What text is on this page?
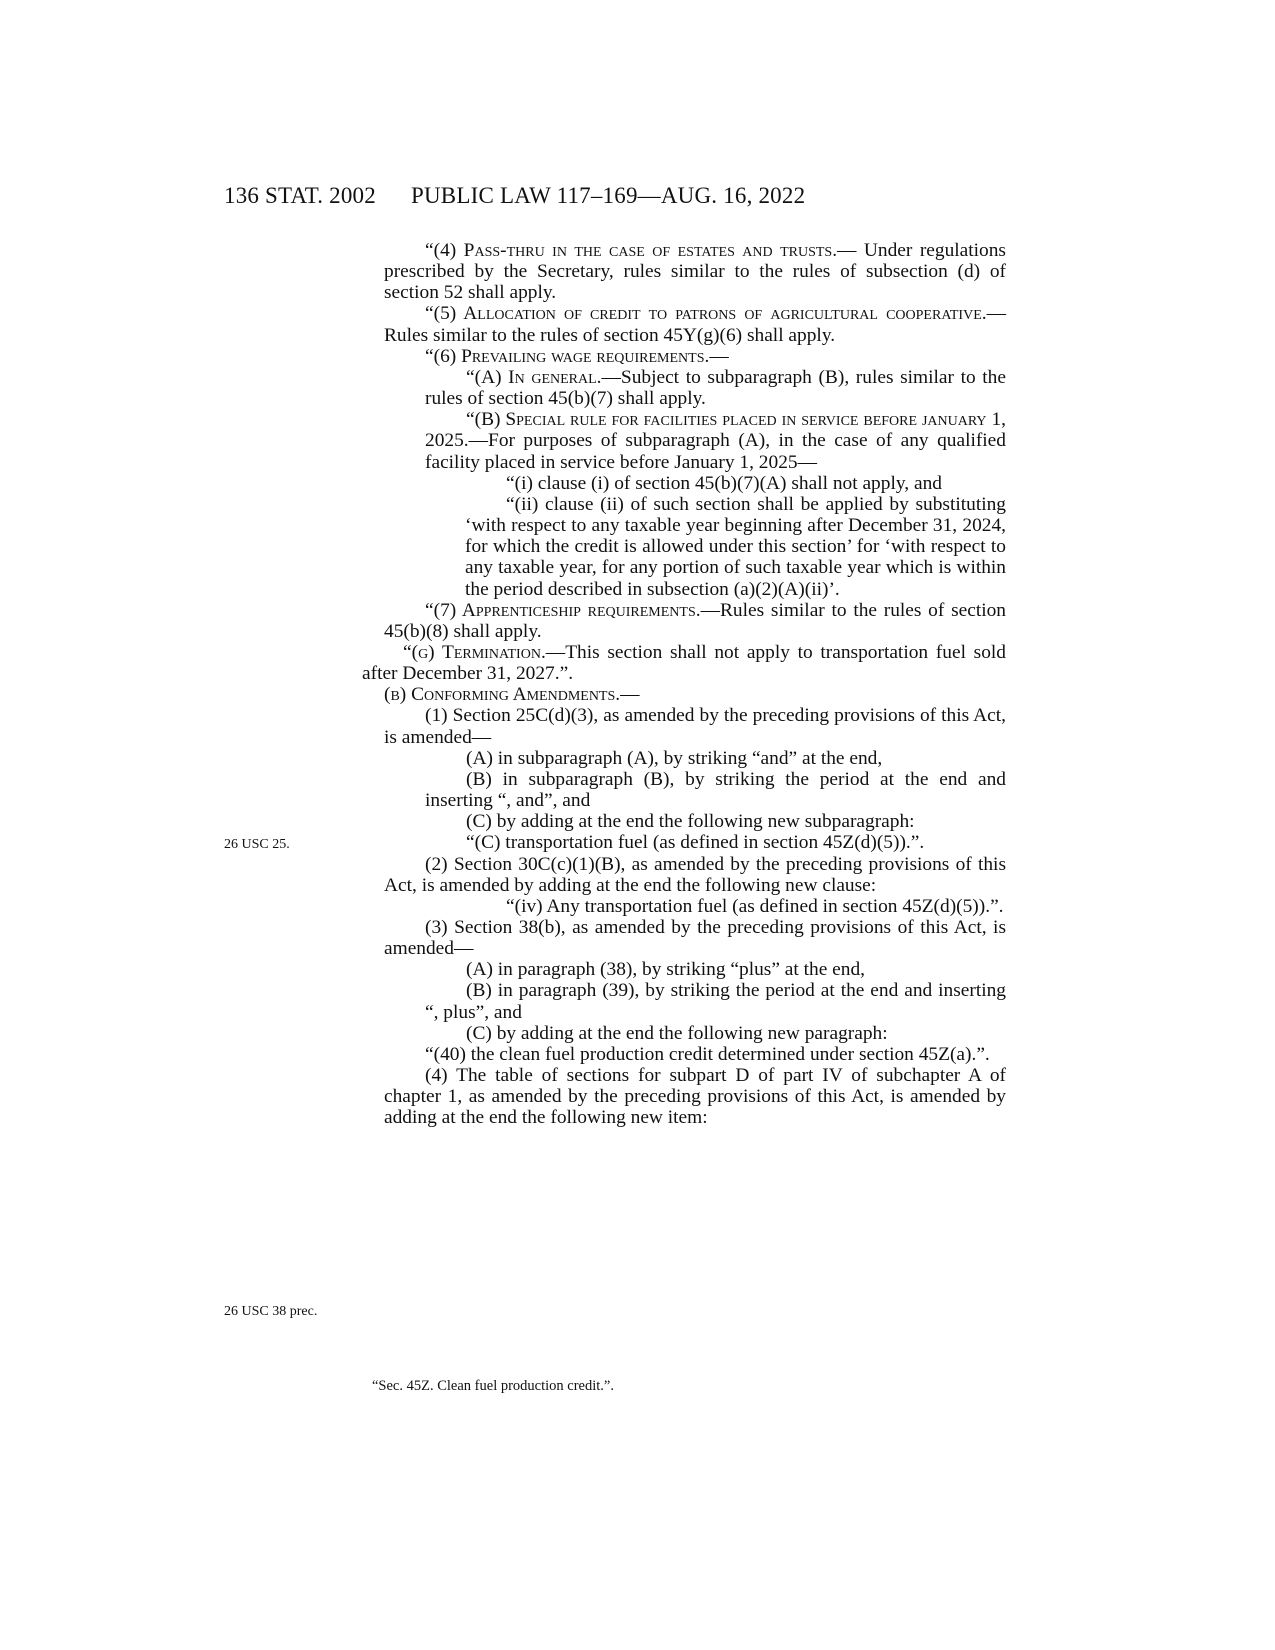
136 STAT. 2002 PUBLIC LAW 117–169—AUG. 16, 2022
26 USC 25.
26 USC 38 prec.
“(4) Pass-thru in the case of estates and trusts.— Under regulations prescribed by the Secretary, rules similar to the rules of subsection (d) of section 52 shall apply.
“(5) Allocation of credit to patrons of agricultural cooperative.—Rules similar to the rules of section 45Y(g)(6) shall apply.
“(6) Prevailing wage requirements.—
“(A) In general.—Subject to subparagraph (B), rules similar to the rules of section 45(b)(7) shall apply.
“(B) Special rule for facilities placed in service before january 1, 2025.—For purposes of subparagraph (A), in the case of any qualified facility placed in service before January 1, 2025—
“(i) clause (i) of section 45(b)(7)(A) shall not apply, and
“(ii) clause (ii) of such section shall be applied by substituting ‘with respect to any taxable year beginning after December 31, 2024, for which the credit is allowed under this section’ for ‘with respect to any taxable year, for any portion of such taxable year which is within the period described in subsection (a)(2)(A)(ii)’.
“(7) Apprenticeship requirements.—Rules similar to the rules of section 45(b)(8) shall apply.
“(g) Termination.—This section shall not apply to transportation fuel sold after December 31, 2027.”.
(b) Conforming Amendments.—
(1) Section 25C(d)(3), as amended by the preceding provisions of this Act, is amended—
(A) in subparagraph (A), by striking “and” at the end,
(B) in subparagraph (B), by striking the period at the end and inserting “, and”, and
(C) by adding at the end the following new subparagraph:
“(C) transportation fuel (as defined in section 45Z(d)(5)).”.
(2) Section 30C(c)(1)(B), as amended by the preceding provisions of this Act, is amended by adding at the end the following new clause:
“(iv) Any transportation fuel (as defined in section 45Z(d)(5)).”.
(3) Section 38(b), as amended by the preceding provisions of this Act, is amended—
(A) in paragraph (38), by striking “plus” at the end,
(B) in paragraph (39), by striking the period at the end and inserting “, plus”, and
(C) by adding at the end the following new paragraph:
“(40) the clean fuel production credit determined under section 45Z(a).”.
(4) The table of sections for subpart D of part IV of subchapter A of chapter 1, as amended by the preceding provisions of this Act, is amended by adding at the end the following new item:
“Sec. 45Z. Clean fuel production credit.”.
